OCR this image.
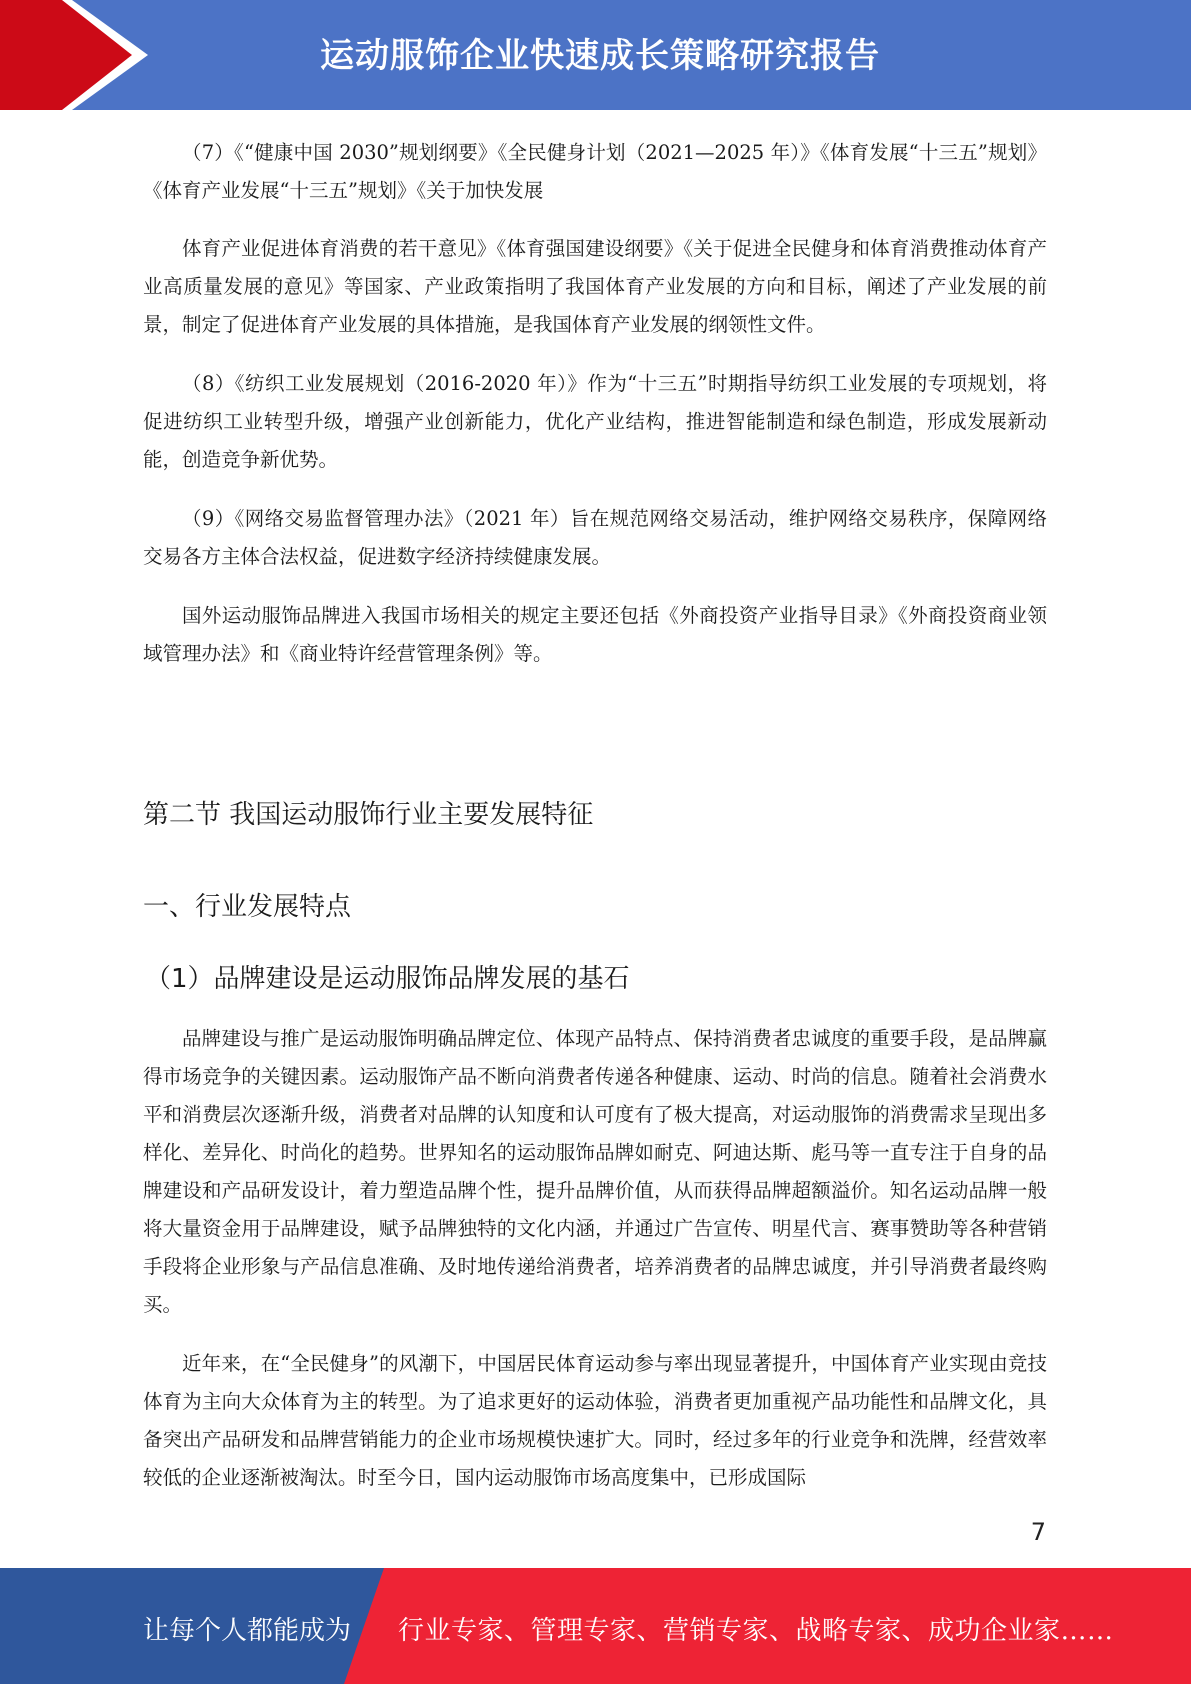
运动服饰企业快速成长策略研究报告

（7）《“健康中国 2030”规划纲要》《全民健身计划（2021—2025 年）》《体育发展“十三五”规划》《体育产业发展“十三五”规划》《关于加快发展

体育产业促进体育消费的若干意见》《体育强国建设纲要》《关于促进全民健身和体育消费推动体育产业高质量发展的意见》等国家、产业政策指明了我国体育产业发展的方向和目标，阐述了产业发展的前景，制定了促进体育产业发展的具体措施，是我国体育产业发展的纲领性文件。

（8）《纺织工业发展规划（2016-2020 年）》作为“十三五”时期指导纺织工业发展的专项规划，将促进纺织工业转型升级，增强产业创新能力，优化产业结构，推进智能制造和绿色制造，形成发展新动能，创造竞争新优势。

（9）《网络交易监督管理办法》（2021 年）旨在规范网络交易活动，维护网络交易秩序，保障网络交易各方主体合法权益，促进数字经济持续健康发展。

国外运动服饰品牌进入我国市场相关的规定主要还包括《外商投资产业指导目录》《外商投资商业领域管理办法》和《商业特许经营管理条例》等。

第二节 我国运动服饰行业主要发展特征
一、行业发展特点
（1）品牌建设是运动服饰品牌发展的基石

品牌建设与推广是运动服饰明确品牌定位、体现产品特点、保持消费者忠诚度的重要手段，是品牌赢得市场竞争的关键因素。运动服饰产品不断向消费者传递各种健康、运动、时尚的信息。随着社会消费水平和消费层次逐渐升级，消费者对品牌的认知度和认可度有了极大提高，对运动服饰的消费需求呈现出多样化、差异化、时尚化的趋势。世界知名的运动服饰品牌如耐克、阿迪达斯、彪马等一直专注于自身的品牌建设和产品研发设计，着力塑造品牌个性，提升品牌价值，从而获得品牌超额溢价。知名运动品牌一般将大量资金用于品牌建设，赋予品牌独特的文化内涵，并通过广告宣传、明星代言、赛事赞助等各种营销手段将企业形象与产品信息准确、及时地传递给消费者，培养消费者的品牌忠诚度，并引导消费者最终购买。

近年来，在“全民健身”的风潮下，中国居民体育运动参与率出现显著提升，中国体育产业实现由竞技体育为主向大众体育为主的转型。为了追求更好的运动体验，消费者更加重视产品功能性和品牌文化，具备突出产品研发和品牌营销能力的企业市场规模快速扩大。同时，经过多年的行业竞争和洗牌，经营效率较低的企业逐渐被淘汰。时至今日，国内运动服饰市场高度集中，已形成国际

7
让每个人都能成为 行业专家、管理专家、营销专家、战略专家、成功企业家……
